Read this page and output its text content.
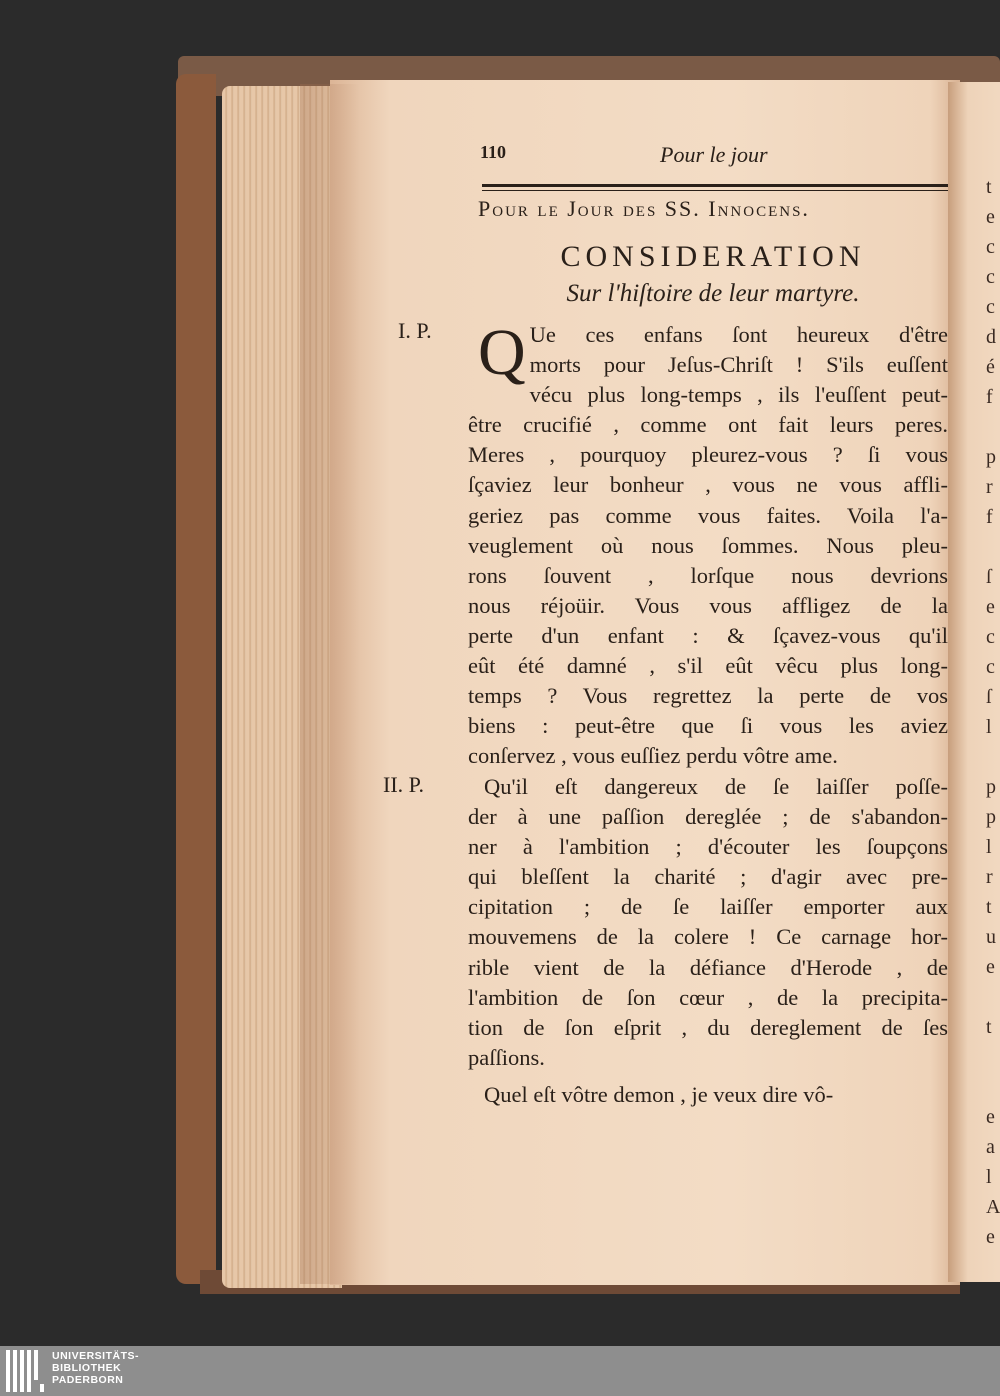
t
e
c
c
c
d
é
f
p
r
f
ſ
e
c
c
ſ
l
p
p
l
r
t
u
e
t
e
a
l
A
e
110	Pour le jour
Pour le Jour des SS. Innocens.
CONSIDERATION
Sur l'hiſtoire de leur martyre.
I. P. Q Ue ces enfans ſont heureux d'être
morts pour Jeſus-Chriſt ! S'ils euſſent
vécu plus long-temps , ils l'euſſent peut-
être crucifié , comme ont fait leurs peres.
Meres , pourquoy pleurez-vous ? ſi vous
ſçaviez leur bonheur , vous ne vous affli-
geriez pas comme vous faites. Voila l'a-
veuglement où nous ſommes. Nous pleu-
rons ſouvent , lorſque nous devrions
nous réjoüir. Vous vous affligez de la
perte d'un enfant : & ſçavez-vous qu'il
eût été damné , s'il eût vêcu plus long-
temps ? Vous regrettez la perte de vos
biens : peut-être que ſi vous les aviez
conſervez , vous euſſiez perdu vôtre ame.
II. P.	Qu'il eſt dangereux de ſe laiſſer poſſe-
der à une paſſion dereglée ; de s'abandon-
ner à l'ambition ; d'écouter les ſoupçons
qui bleſſent la charité ; d'agir avec pre-
cipitation ; de ſe laiſſer emporter aux
mouvemens de la colere ! Ce carnage hor-
rible vient de la défiance d'Herode , de
l'ambition de ſon cœur , de la precipita-
tion de ſon eſprit , du dereglement de ſes
paſſions.
Quel eſt vôtre demon , je veux dire vô-
UNIVERSITÄTS-
BIBLIOTHEK
PADERBORN
